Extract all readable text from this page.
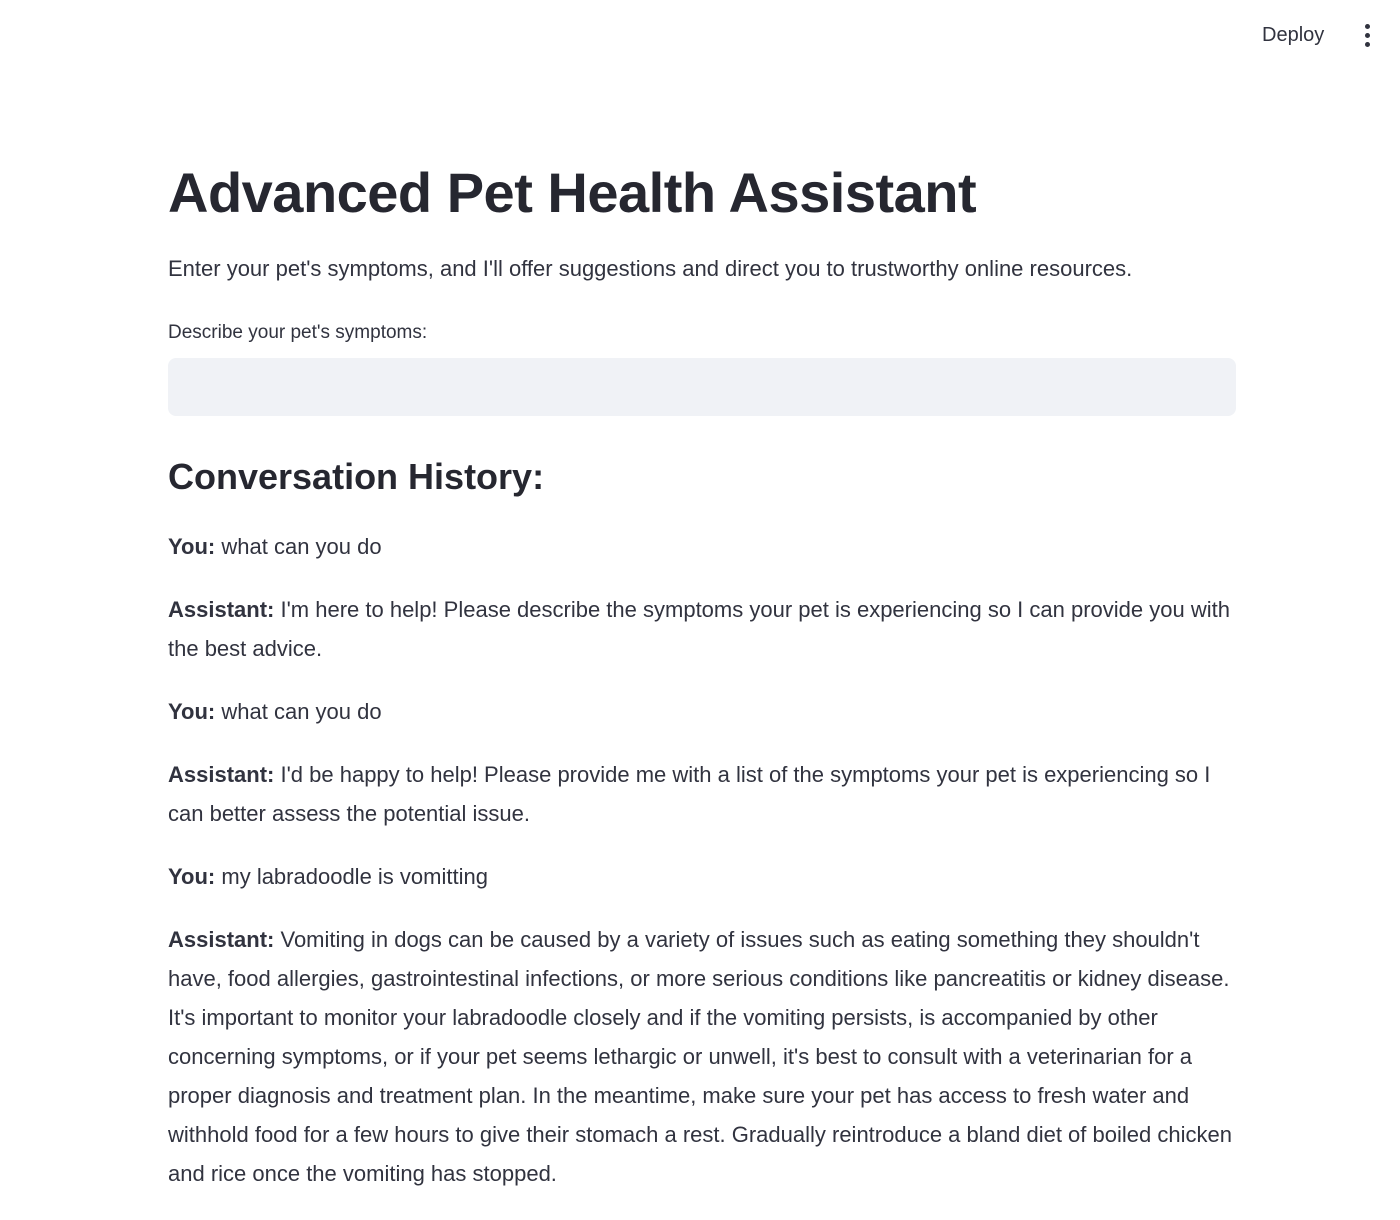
Deploy
Advanced Pet Health Assistant

Enter your pet's symptoms, and I'll offer suggestions and direct you to trustworthy online resources.

Describe your pet's symptoms:
Conversation History:

You: what can you do

Assistant: I'm here to help! Please describe the symptoms your pet is experiencing so I can provide you with the best advice.

You: what can you do

Assistant: I'd be happy to help! Please provide me with a list of the symptoms your pet is experiencing so I can better assess the potential issue.

You: my labradoodle is vomitting

Assistant: Vomiting in dogs can be caused by a variety of issues such as eating something they shouldn't have, food allergies, gastrointestinal infections, or more serious conditions like pancreatitis or kidney disease. It's important to monitor your labradoodle closely and if the vomiting persists, is accompanied by other concerning symptoms, or if your pet seems lethargic or unwell, it's best to consult with a veterinarian for a proper diagnosis and treatment plan. In the meantime, make sure your pet has access to fresh water and withhold food for a few hours to give their stomach a rest. Gradually reintroduce a bland diet of boiled chicken and rice once the vomiting has stopped.
